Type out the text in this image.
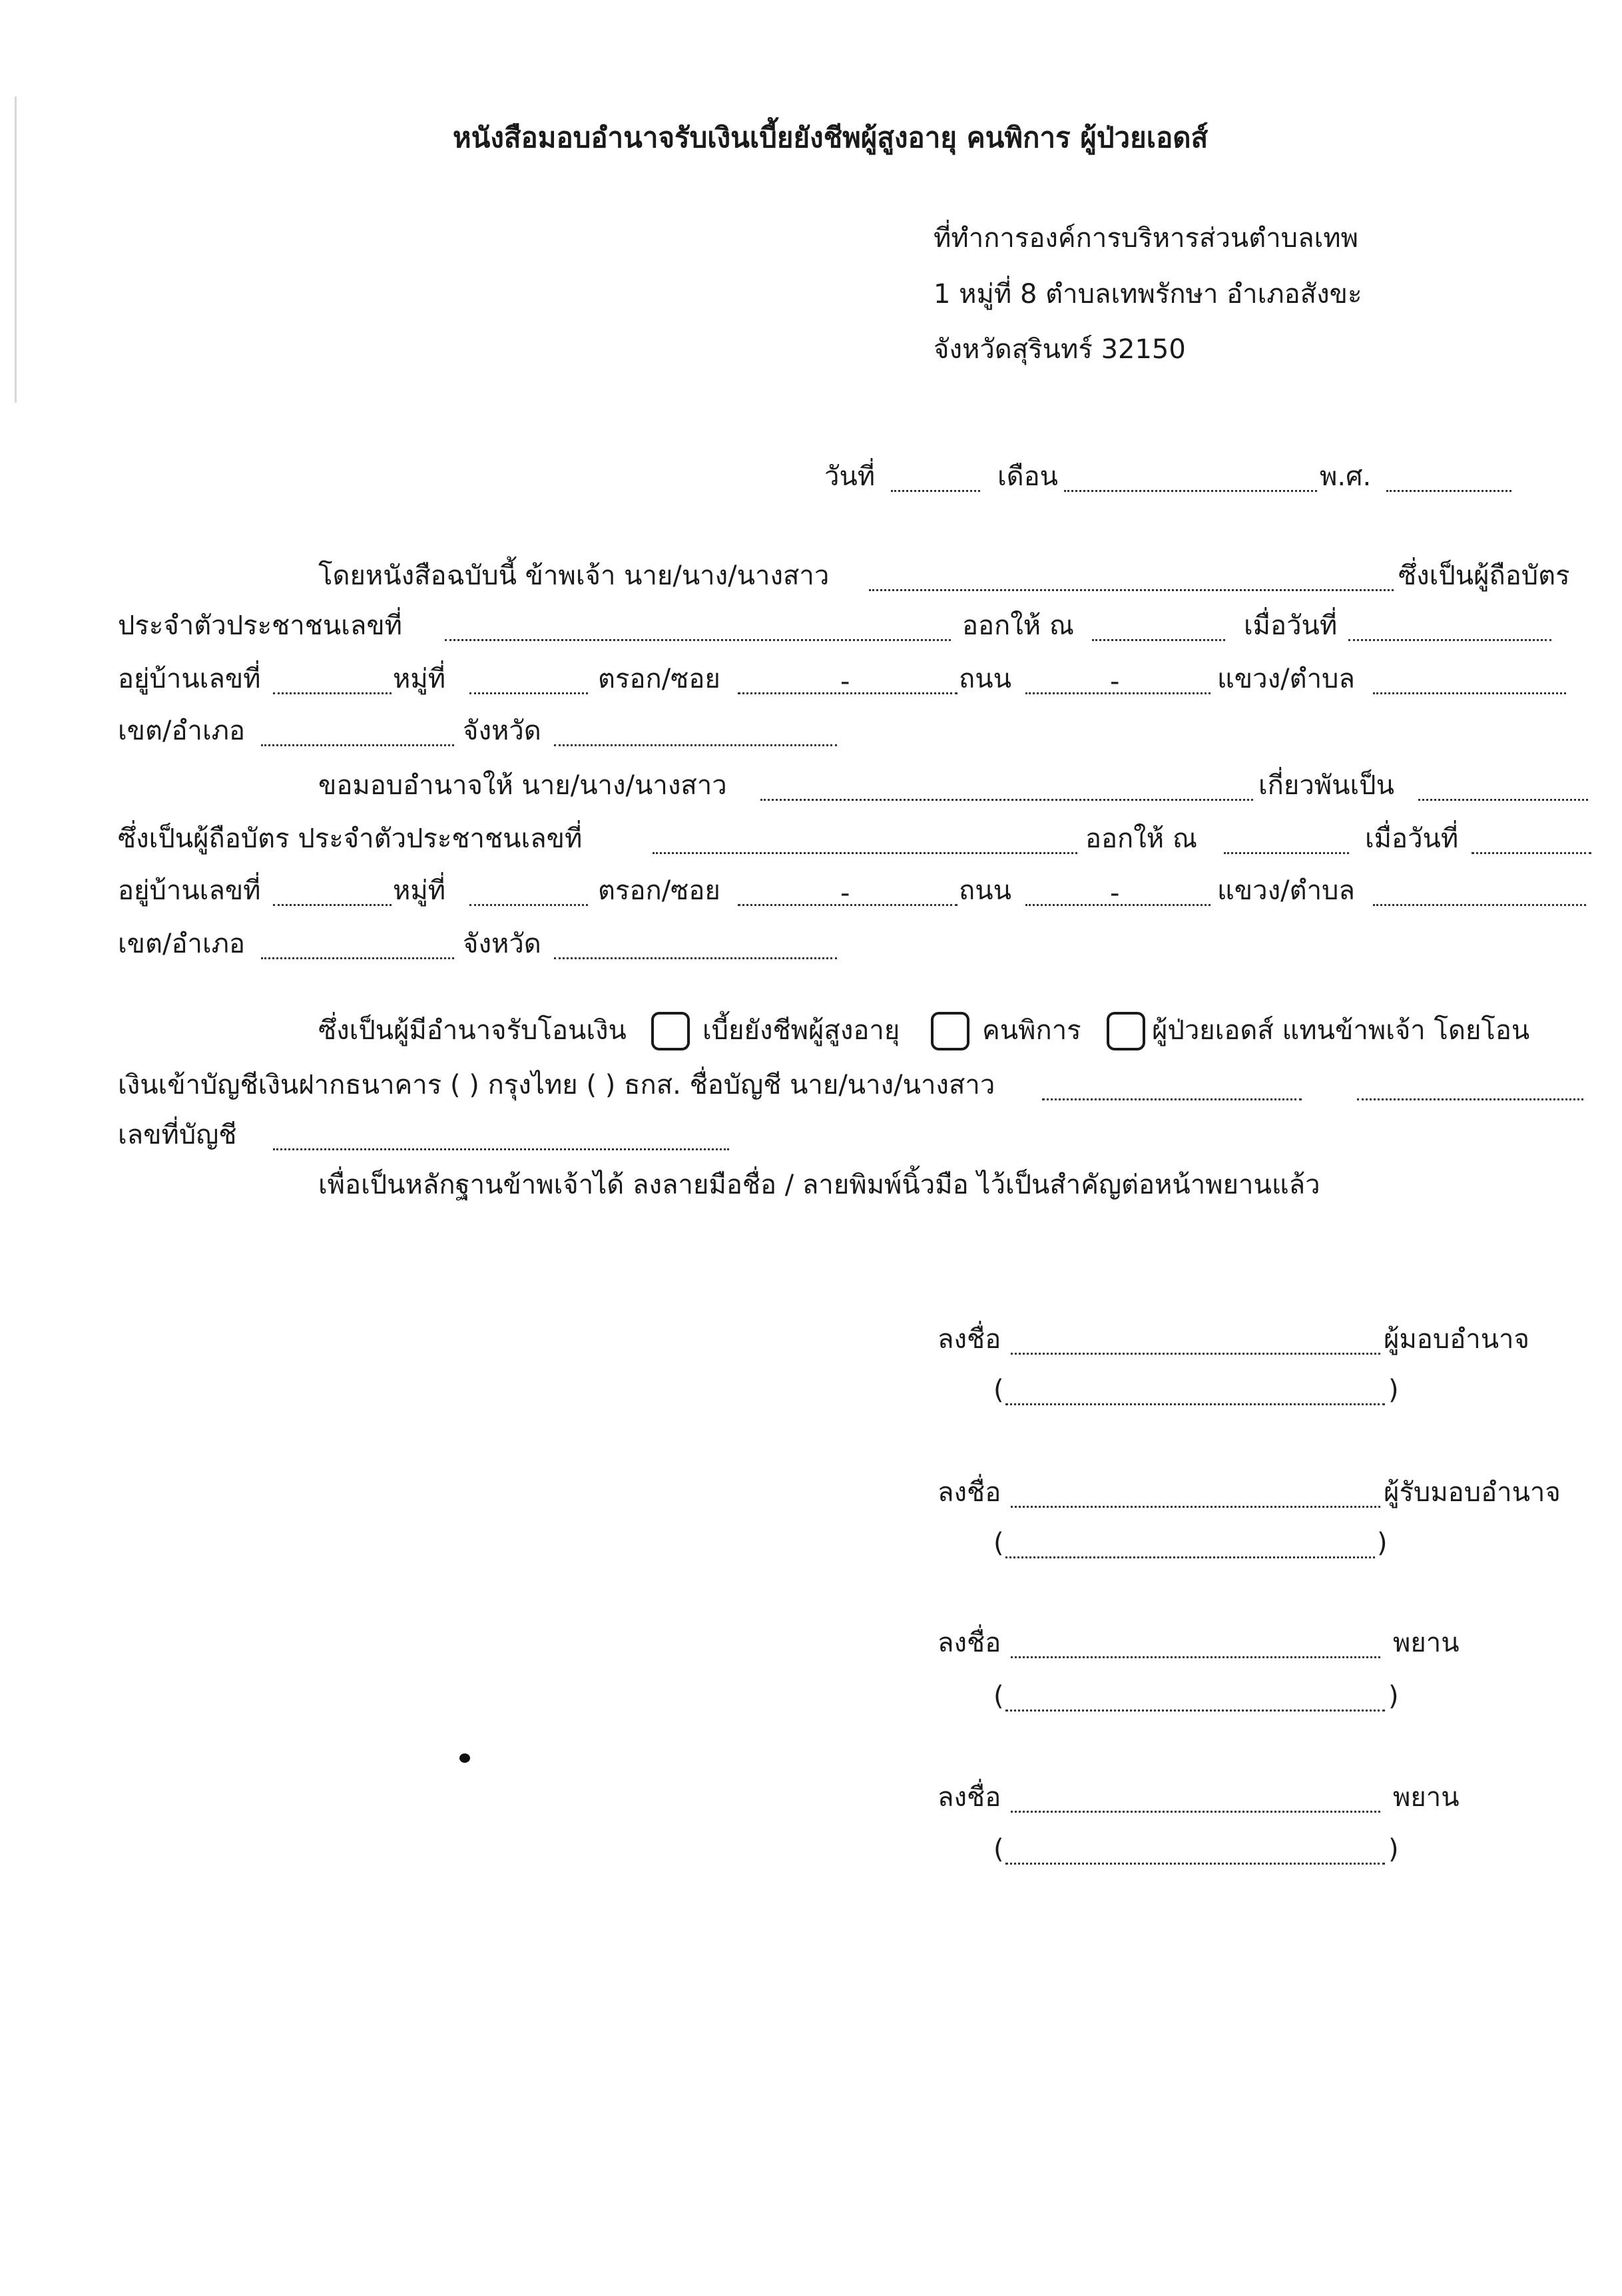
หนังสือมอบอำนาจรับเงินเบี้ยยังชีพผู้สูงอายุ คนพิการ ผู้ป่วยเอดส์
ที่ทำการองค์การบริหารส่วนตำบลเทพ
1 หมู่ที่ 8 ตำบลเทพรักษา อำเภอสังขะ
จังหวัดสุรินทร์ 32150
วันที่	เดือน	พ.ศ.
โดยหนังสือฉบับนี้ ข้าพเจ้า นาย/นาง/นางสาว	ซึ่งเป็นผู้ถือบัตร
ประจำตัวประชาชนเลขที่	ออกให้ ณ	เมื่อวันที่
อยู่บ้านเลขที่	หมู่ที่	ตรอก/ซอย	-	ถนน	-	แขวง/ตำบล
เขต/อำเภอ	จังหวัด
ขอมอบอำนาจให้ นาย/นาง/นางสาว	เกี่ยวพันเป็น
ซึ่งเป็นผู้ถือบัตร ประจำตัวประชาชนเลขที่	ออกให้ ณ	เมื่อวันที่
อยู่บ้านเลขที่	หมู่ที่	ตรอก/ซอย	-	ถนน	-	แขวง/ตำบล
เขต/อำเภอ	จังหวัด
ซึ่งเป็นผู้มีอำนาจรับโอนเงิน	เบี้ยยังชีพผู้สูงอายุ	คนพิการ	ผู้ป่วยเอดส์ แทนข้าพเจ้า โดยโอน
เงินเข้าบัญชีเงินฝากธนาคาร ( ) กรุงไทย ( ) ธกส. ชื่อบัญชี นาย/นาง/นางสาว
เลขที่บัญชี
เพื่อเป็นหลักฐานข้าพเจ้าได้ ลงลายมือชื่อ / ลายพิมพ์นิ้วมือ ไว้เป็นสำคัญต่อหน้าพยานแล้ว
ลงชื่อ	ผู้มอบอำนาจ
(	)
ลงชื่อ	ผู้รับมอบอำนาจ
(	)
ลงชื่อ	พยาน
(	)
ลงชื่อ	พยาน
(	)
